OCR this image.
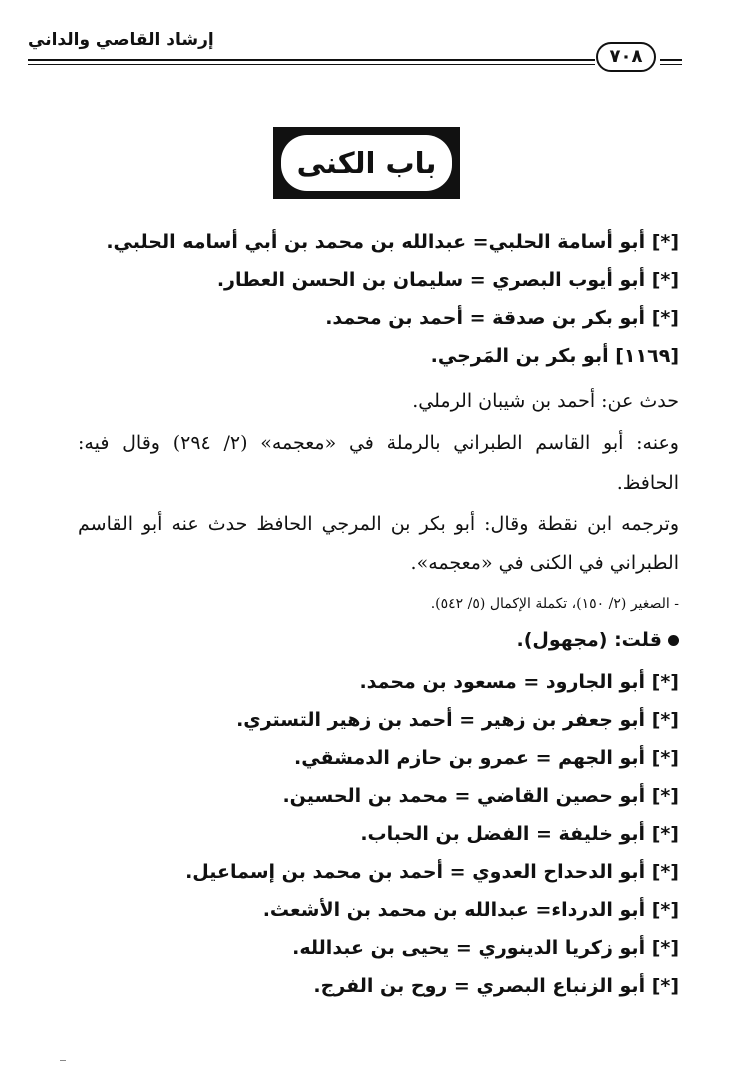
إرشاد القاصي والداني
٧٠٨
باب الكنى
[*] أبو أسامة الحلبي= عبدالله بن محمد بن أبي أسامه الحلبي.
[*] أبو أيوب البصري = سليمان بن الحسن العطار.
[*] أبو بكر بن صدقة = أحمد بن محمد.
[١١٦٩] أبو بكر بن المَرجي.
حدث عن: أحمد بن شيبان الرملي.
وعنه: أبو القاسم الطبراني بالرملة في «معجمه» (٢/ ٢٩٤) وقال فيه:
الحافظ.
وترجمه ابن نقطة وقال: أبو بكر بن المرجي الحافظ حدث عنه أبو القاسم
الطبراني في الكنى في «معجمه».
- الصغير (٢/ ١٥٠)، تكملة الإكمال (٥/ ٥٤٢).
قلت: (مجهول).
[*] أبو الجارود = مسعود بن محمد.
[*] أبو جعفر بن زهير = أحمد بن زهير التستري.
[*] أبو الجهم = عمرو بن حازم الدمشقي.
[*] أبو حصين القاضي = محمد بن الحسين.
[*] أبو خليفة = الفضل بن الحباب.
[*] أبو الدحداح العدوي = أحمد بن محمد بن إسماعيل.
[*] أبو الدرداء= عبدالله بن محمد بن الأشعث.
[*] أبو زكريا الدينوري = يحيى بن عبدالله.
[*] أبو الزنباع البصري = روح بن الفرج.
